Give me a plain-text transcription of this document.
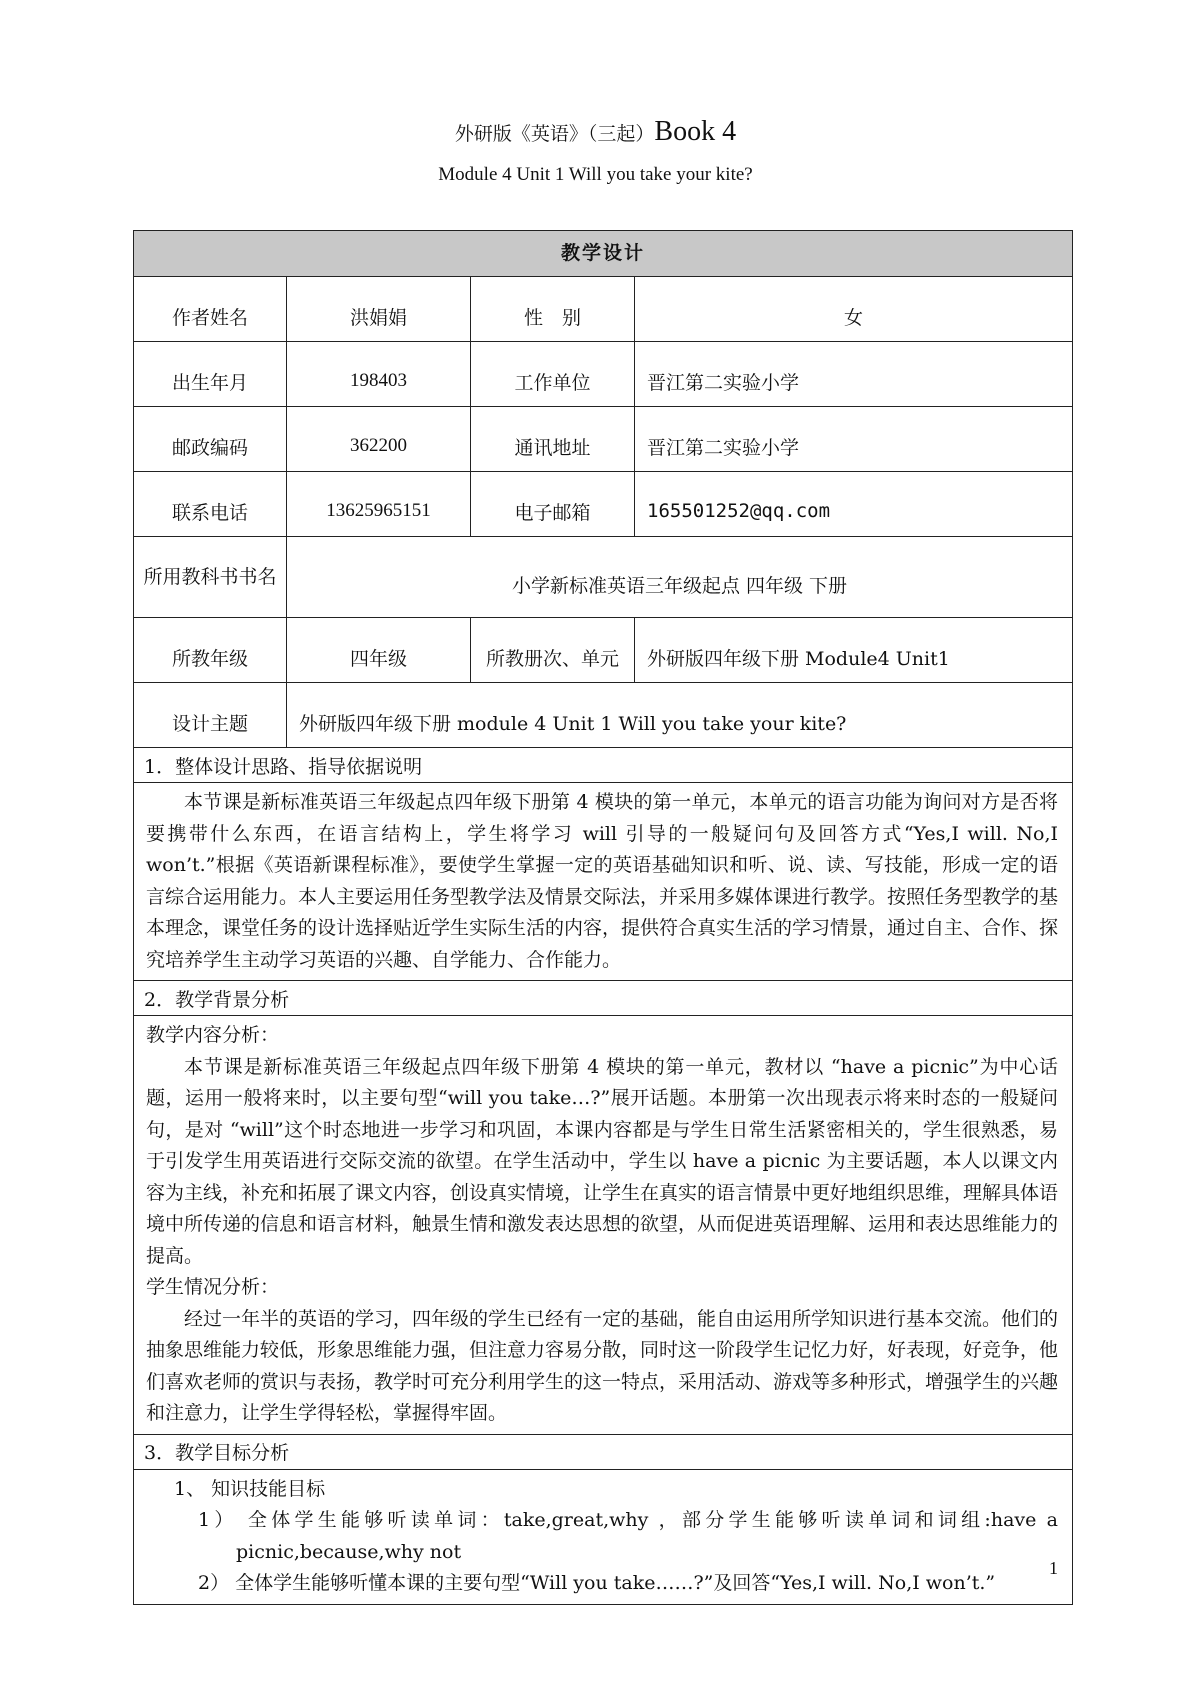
外研版《英语》（三起）Book 4
Module 4 Unit 1 Will you take your kite?
教学设计			
作者姓名	洪娟娟	性　别	女
出生年月	198403	工作单位	晋江第二实验小学
邮政编码	362200	通讯地址	晋江第二实验小学
联系电话	13625965151	电子邮箱	165501252@qq.com
所用教科书书名	小学新标准英语三年级起点 四年级 下册		
所教年级	四年级	所教册次、单元	外研版四年级下册 Module4 Unit1
设计主题	外研版四年级下册 module 4 Unit 1 Will you take your kite?		
1．整体设计思路、指导依据说明			

本节课是新标准英语三年级起点四年级下册第 4 模块的第一单元，本单元的语言功能为询问对方是否将要携带什么东西，在语言结构上，学生将学习 will 引导的一般疑问句及回答方式“Yes,I will. No,I won’t.”根据《英语新课程标准》，要使学生掌握一定的英语基础知识和听、说、读、写技能，形成一定的语言综合运用能力。本人主要运用任务型教学法及情景交际法，并采用多媒体课进行教学。按照任务型教学的基本理念，课堂任务的设计选择贴近学生实际生活的内容，提供符合真实生活的学习情景，通过自主、合作、探究培养学生主动学习英语的兴趣、自学能力、合作能力。			

2．教学背景分析			

教学内容分析：

本节课是新标准英语三年级起点四年级下册第 4 模块的第一单元，教材以 “have a picnic”为中心话题，运用一般将来时，以主要句型“will you take…?”展开话题。本册第一次出现表示将来时态的一般疑问句，是对 “will”这个时态地进一步学习和巩固，本课内容都是与学生日常生活紧密相关的，学生很熟悉，易于引发学生用英语进行交际交流的欲望。在学生活动中，学生以 have a picnic 为主要话题，本人以课文内容为主线，补充和拓展了课文内容，创设真实情境，让学生在真实的语言情景中更好地组织思维，理解具体语境中所传递的信息和语言材料，触景生情和激发表达思想的欲望，从而促进英语理解、运用和表达思维能力的提高。

学生情况分析：

经过一年半的英语的学习，四年级的学生已经有一定的基础，能自由运用所学知识进行基本交流。他们的抽象思维能力较低，形象思维能力强，但注意力容易分散，同时这一阶段学生记忆力好，好表现，好竞争，他们喜欢老师的赏识与表扬，教学时可充分利用学生的这一特点，采用活动、游戏等多种形式，增强学生的兴趣和注意力，让学生学得轻松，掌握得牢固。			

3．教学目标分析			

1、 知识技能目标

1） 全体学生能够听读单词：take,great,why ，部分学生能够听读单词和词组:have a picnic,because,why not

2） 全体学生能够听懂本课的主要句型“Will you take……?”及回答“Yes,I will. No,I won’t.”			

1
